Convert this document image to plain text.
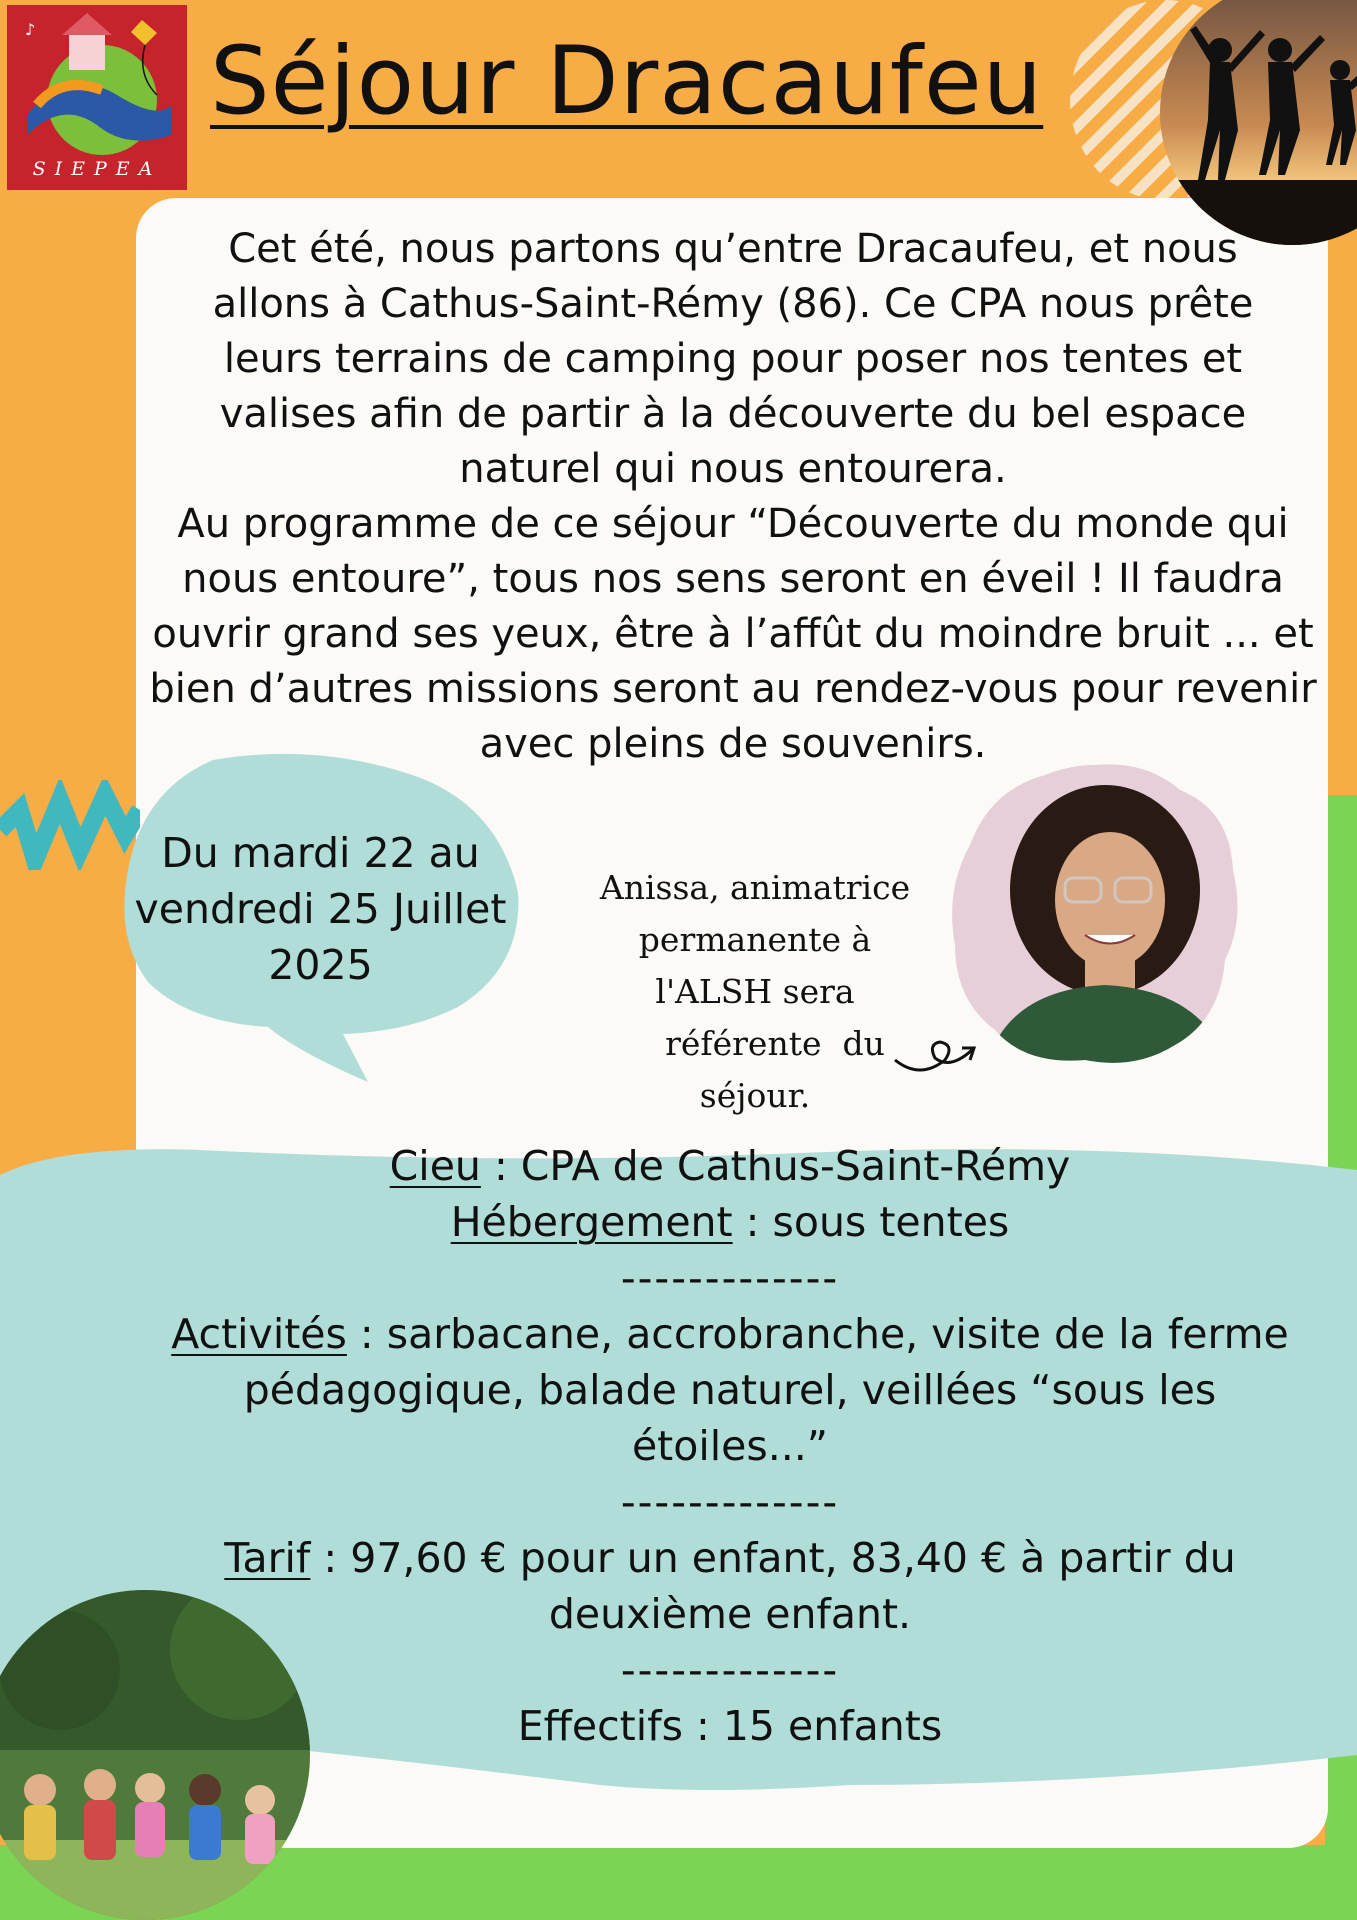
♪
SIEPEA
Séjour Dracaufeu
Cet été, nous partons qu’entre Dracaufeu, et nous allons à Cathus-Saint-Rémy (86). Ce CPA nous prête leurs terrains de camping pour poser nos tentes et valises afin de partir à la découverte du bel espace naturel qui nous entourera.
Au programme de ce séjour “Découverte du monde qui nous entoure”, tous nos sens seront en éveil ! Il faudra ouvrir grand ses yeux, être à l’affût du moindre bruit ... et bien d’autres missions seront au rendez-vous pour revenir avec pleins de souvenirs.
Du mardi 22 au
vendredi 25 Juillet
2025
Anissa, animatrice
permanente à
l'ALSH sera
référente  du
séjour.

Cieu : CPA de Cathus-Saint-Rémy

Hébergement : sous tentes

-------------

Activités : sarbacane, accrobranche, visite de la ferme pédagogique, balade naturel, veillées “sous les étoiles...”

-------------

Tarif : 97,60 € pour un enfant, 83,40 € à partir du deuxième enfant.

-------------

Effectifs : 15 enfants
